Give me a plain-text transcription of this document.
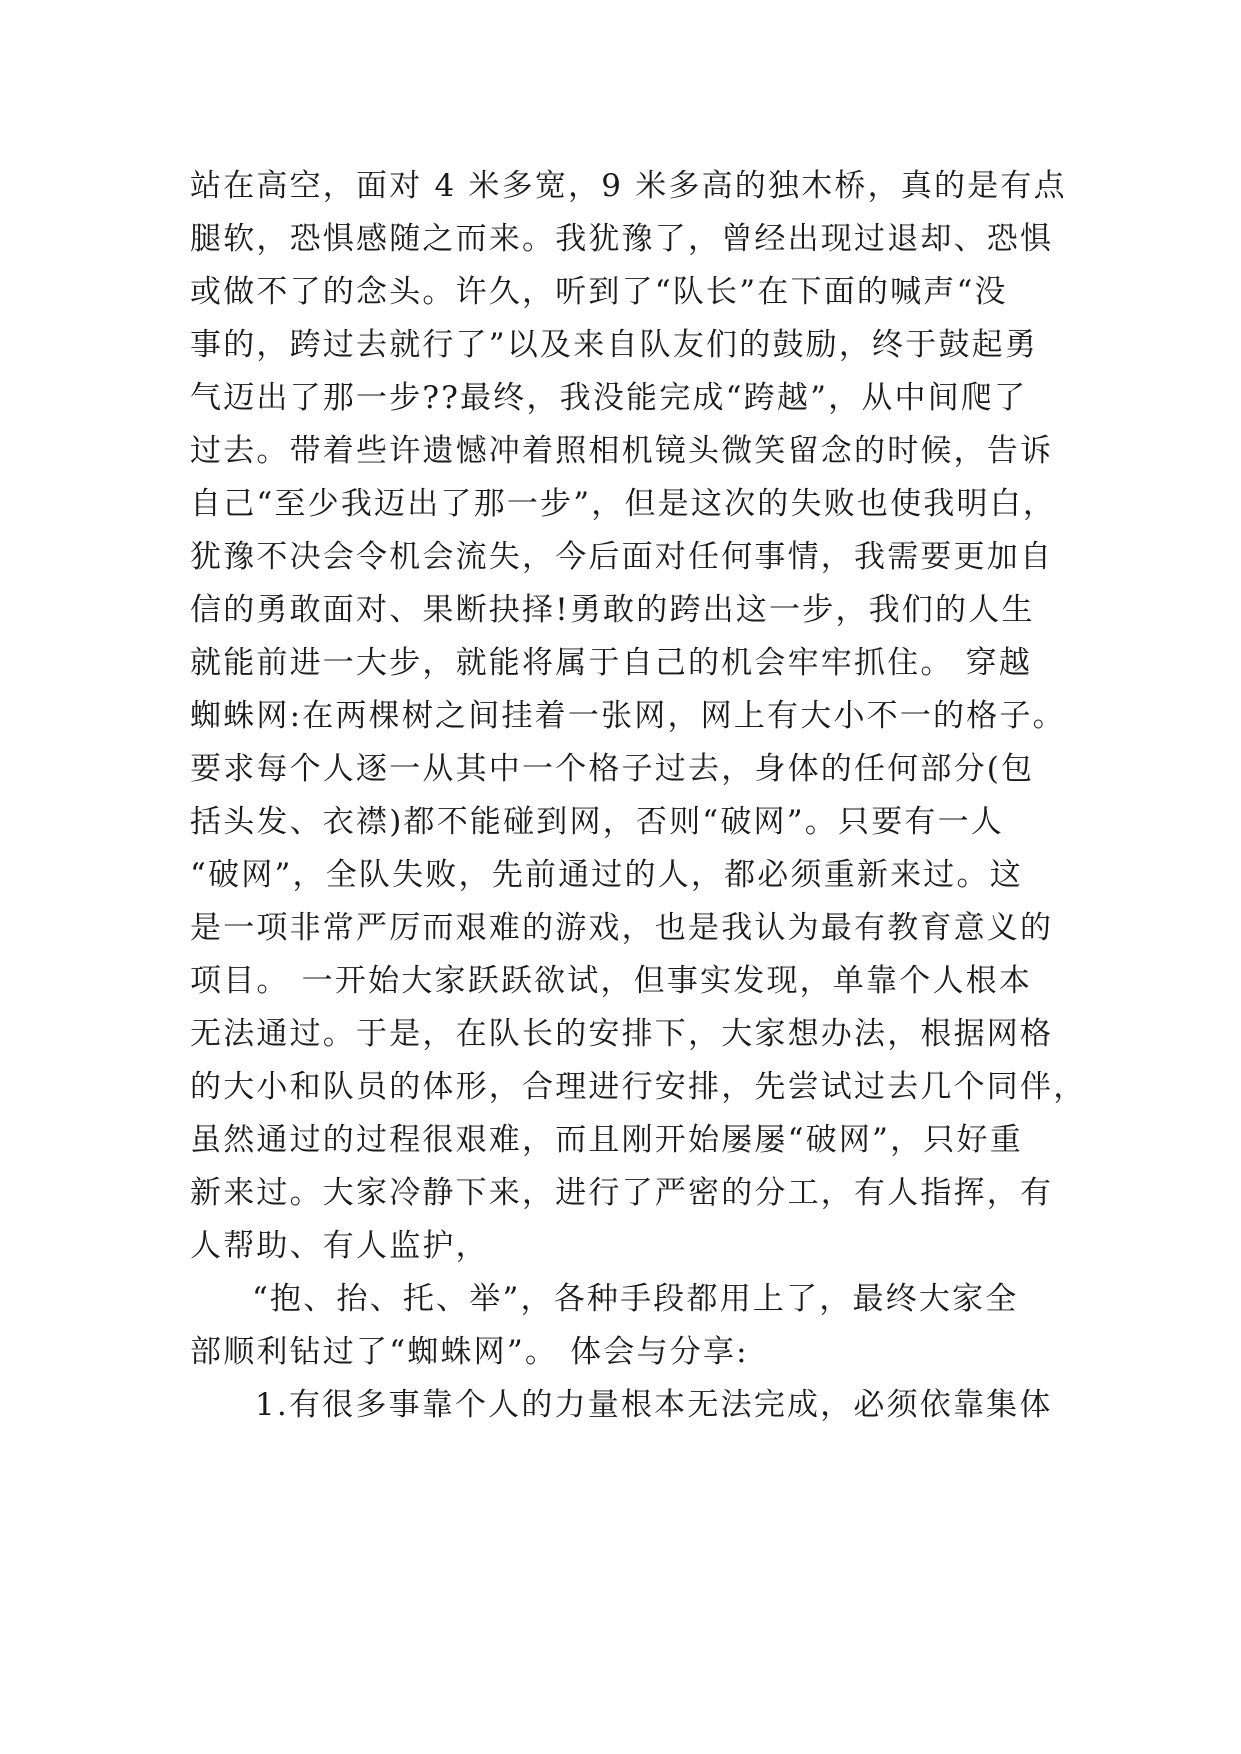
站在高空，面对 4 米多宽，9 米多高的独木桥，真的是有点
腿软，恐惧感随之而来。我犹豫了，曾经出现过退却、恐惧
或做不了的念头。许久，听到了“队长”在下面的喊声“没
事的，跨过去就行了”以及来自队友们的鼓励，终于鼓起勇
气迈出了那一步??最终，我没能完成“跨越”，从中间爬了
过去。带着些许遗憾冲着照相机镜头微笑留念的时候，告诉
自己“至少我迈出了那一步”，但是这次的失败也使我明白，
犹豫不决会令机会流失，今后面对任何事情，我需要更加自
信的勇敢面对、果断抉择!勇敢的跨出这一步，我们的人生
就能前进一大步，就能将属于自己的机会牢牢抓住。 穿越
蜘蛛网:在两棵树之间挂着一张网，网上有大小不一的格子。
要求每个人逐一从其中一个格子过去，身体的任何部分(包
括头发、衣襟)都不能碰到网，否则“破网”。只要有一人
“破网”，全队失败，先前通过的人，都必须重新来过。这
是一项非常严厉而艰难的游戏，也是我认为最有教育意义的
项目。 一开始大家跃跃欲试，但事实发现，单靠个人根本
无法通过。于是，在队长的安排下，大家想办法，根据网格
的大小和队员的体形，合理进行安排，先尝试过去几个同伴，
虽然通过的过程很艰难，而且刚开始屡屡“破网”，只好重
新来过。大家冷静下来，进行了严密的分工，有人指挥，有
人帮助、有人监护，
“抱、抬、托、举”，各种手段都用上了，最终大家全
部顺利钻过了“蜘蛛网”。 体会与分享:
1.有很多事靠个人的力量根本无法完成，必须依靠集体
